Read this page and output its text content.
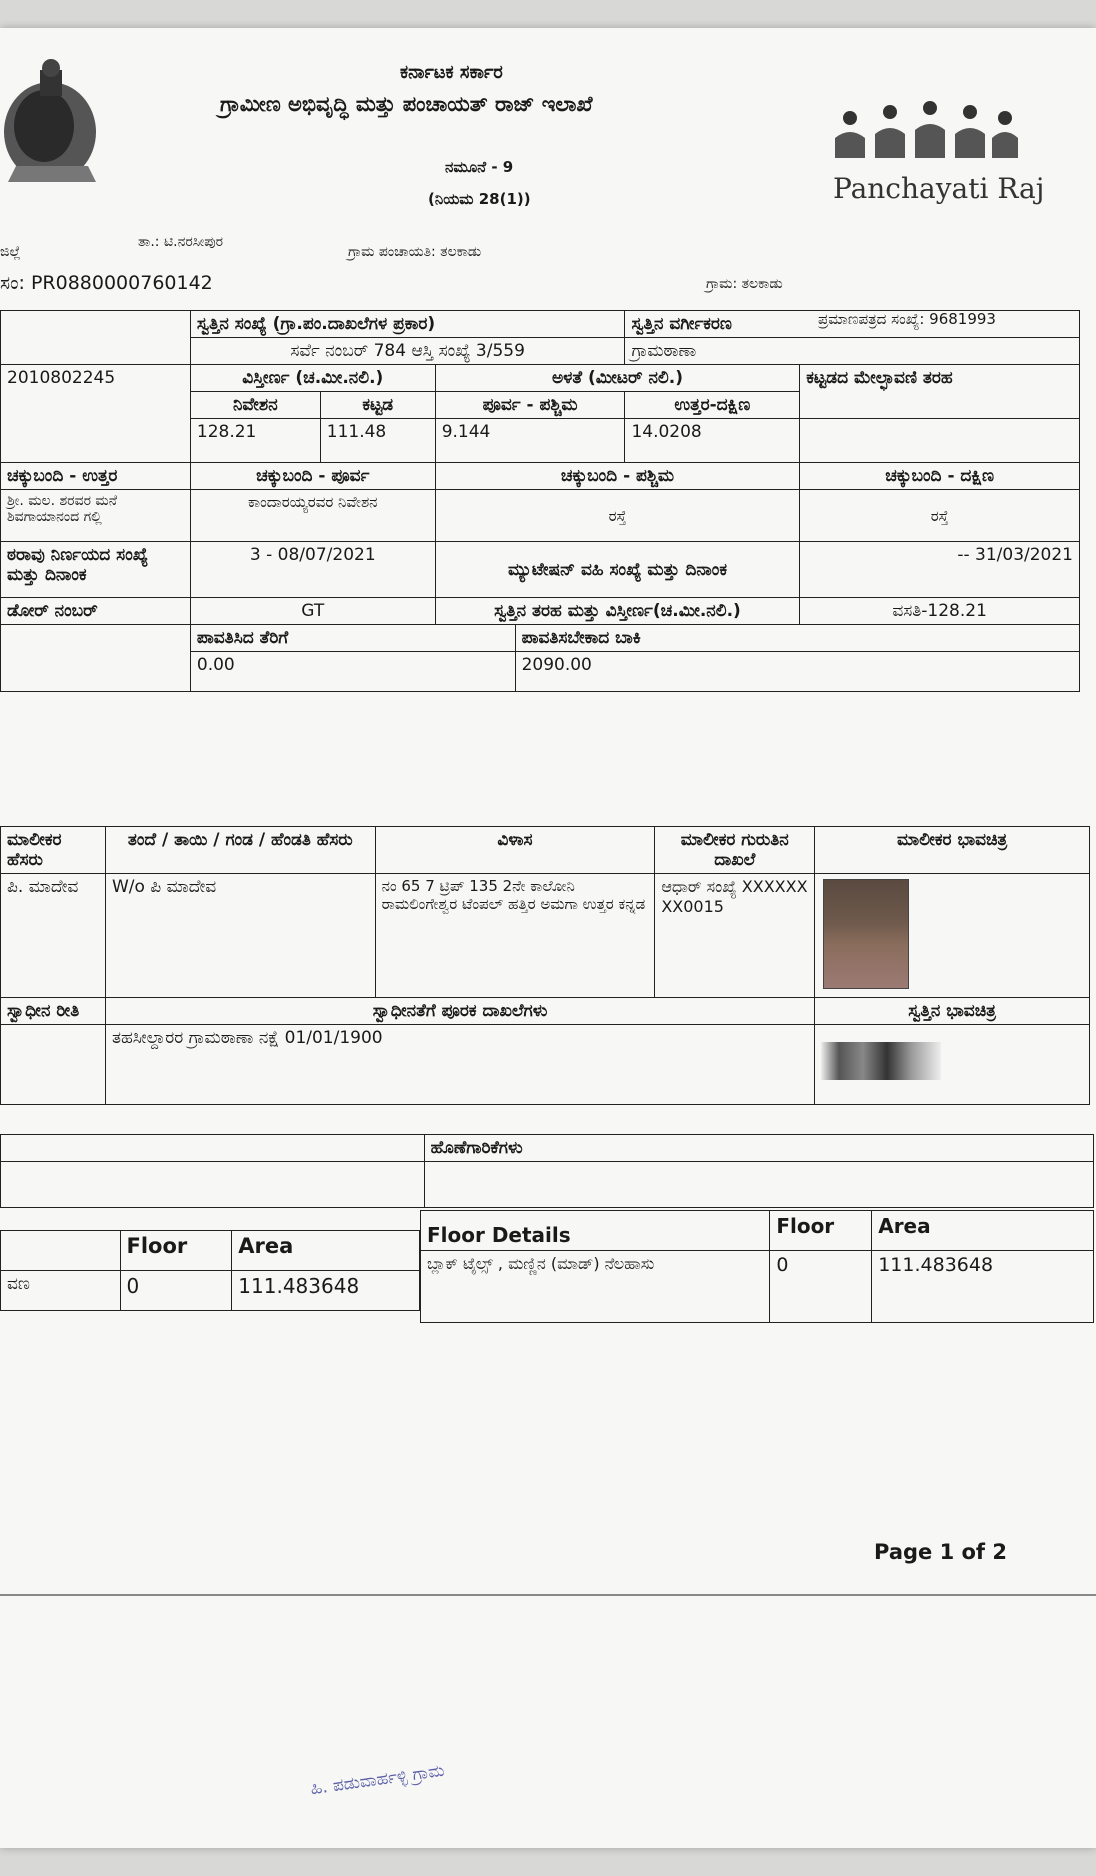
ಕರ್ನಾಟಕ ಸರ್ಕಾರ
ಗ್ರಾಮೀಣ ಅಭಿವೃದ್ಧಿ ಮತ್ತು ಪಂಚಾಯತ್ ರಾಜ್ ಇಲಾಖೆ
ನಮೂನೆ - 9
(ನಿಯಮ 28(1))	Panchayati Raj
ಜಿಲ್ಲೆ
ತಾ.: ಟಿ.ನರಸೀಪುರ
ಗ್ರಾಮ ಪಂಚಾಯತಿ: ತಲಕಾಡು
ಸಂ: PR0880000760142	ಗ್ರಾಮ: ತಲಕಾಡು
ಪ್ರಮಾಣಪತ್ರದ ಸಂಖ್ಯೆ: 9681993
	ಸ್ವತ್ತಿನ ಸಂಖ್ಯೆ (ಗ್ರಾ.ಪಂ.ದಾಖಲೆಗಳ ಪ್ರಕಾರ)				ಸ್ವತ್ತಿನ ವರ್ಗೀಕರಣ	
	ಸರ್ವೆ ನಂಬರ್ 784 ಆಸ್ತಿ ಸಂಖ್ಯೆ 3/559				ಗ್ರಾಮಠಾಣಾ	
2010802245	ವಿಸ್ತೀರ್ಣ (ಚ.ಮೀ.ನಲಿ.)		ಅಳತೆ (ಮೀಟರ್ ನಲಿ.)			ಕಟ್ಟಡದ ಮೇಲ್ಛಾವಣಿ ತರಹ
	ನಿವೇಶನ	ಕಟ್ಟಡ	ಪೂರ್ವ - ಪಶ್ಚಿಮ		ಉತ್ತರ-ದಕ್ಷಿಣ	
	128.21	111.48	9.144		14.0208	
ಚಕ್ಕುಬಂದಿ - ಉತ್ತರ	ಚಕ್ಕುಬಂದಿ - ಪೂರ್ವ		ಚಕ್ಕುಬಂದಿ - ಪಶ್ಚಿಮ			ಚಕ್ಕುಬಂದಿ - ದಕ್ಷಿಣ
ಶ್ರೀ. ಮಲ. ಶರವರ ಮನೆ ಶಿವಗಾಯಾನಂದ ಗಲ್ಲಿ	ಕಾಂದಾರಯ್ಯರವರ ನಿವೇಶನ		ರಸ್ತೆ			ರಸ್ತೆ
ಠರಾವು ನಿರ್ಣಯದ ಸಂಖ್ಯೆ ಮತ್ತು ದಿನಾಂಕ	3 - 08/07/2021		ಮ್ಯುಟೇಷನ್ ವಹಿ ಸಂಖ್ಯೆ ಮತ್ತು ದಿನಾಂಕ			-- 31/03/2021
ಡೋರ್ ನಂಬರ್	GT		ಸ್ವತ್ತಿನ ತರಹ ಮತ್ತು ವಿಸ್ತೀರ್ಣ(ಚ.ಮೀ.ನಲಿ.)			ವಸತಿ-128.21
	ಪಾವತಿಸಿದ ತೆರಿಗೆ			ಪಾವತಿಸಬೇಕಾದ ಬಾಕಿ		
	0.00			2090.00		
ಮಾಲೀಕರ ಹೆಸರು	ತಂದೆ / ತಾಯಿ / ಗಂಡ / ಹೆಂಡತಿ ಹೆಸರು	ವಿಳಾಸ	ಮಾಲೀಕರ ಗುರುತಿನ ದಾಖಲೆ	ಮಾಲೀಕರ ಭಾವಚಿತ್ರ
ಪಿ. ಮಾದೇವ	W/o ಪಿ ಮಾದೇವ	ನಂ 65 7 ಟ್ರಿಪ್ 135 2ನೇ ಕಾಲೋನಿ ರಾಮಲಿಂಗೇಶ್ವರ ಟೆಂಪಲ್ ಹತ್ತಿರ ಅಮಗಾ ಉತ್ತರ ಕನ್ನಡ	ಆಧಾರ್ ಸಂಖ್ಯೆ XXXXXXXX0015	

ಸ್ವಾಧೀನ ರೀತಿ	ಸ್ವಾಧೀನತೆಗೆ ಪೂರಕ ದಾಖಲೆಗಳು			ಸ್ವತ್ತಿನ ಭಾವಚಿತ್ರ
	ತಹಸೀಲ್ದಾರರ ಗ್ರಾಮಠಾಣಾ ನಕ್ಷೆ 01/01/1900			
	ಹೊಣೆಗಾರಿಕೆಗಳು

	Floor	Area
ವಣ	0	111.483648
Floor Details	Floor	Area
ಬ್ಲಾಕ್ ಟೈಲ್ಸ್ , ಮಣ್ಣಿನ (ಮಾಡ್) ನೆಲಹಾಸು	0	111.483648
Page 1 of 2
ಹಿ. ಪಡುವಾರ್ಹಳ್ಳಿ ಗ್ರಾಮ
